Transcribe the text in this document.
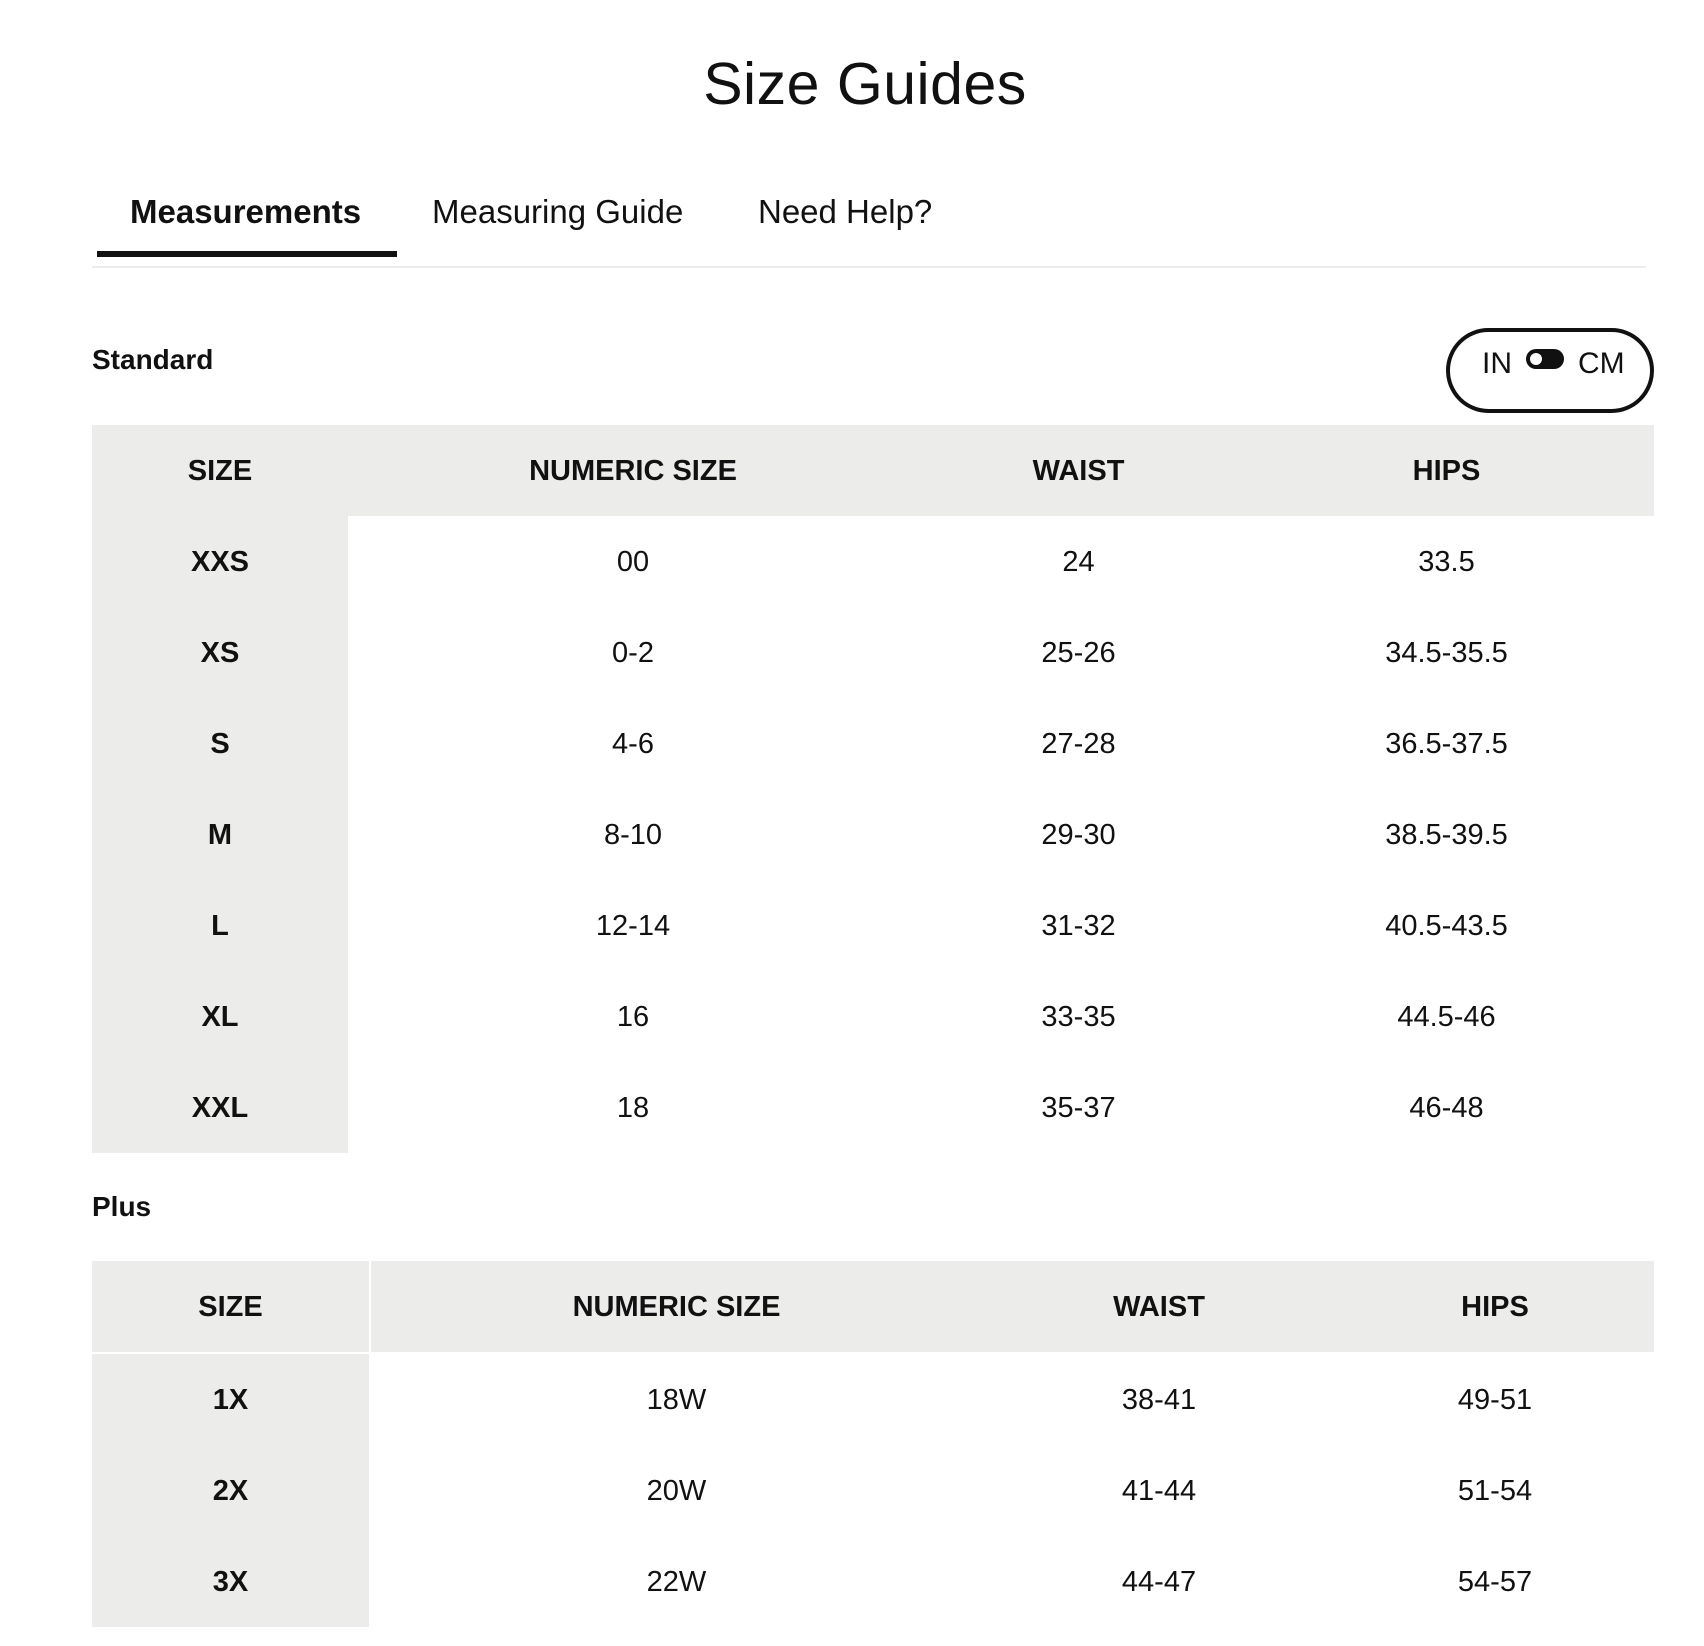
Size Guides
Measurements Measuring Guide Need Help?
Standard	IN CM
SIZE	NUMERIC SIZE	WAIST	HIPS
XXS	00	24	33.5
XS	0-2	25-26	34.5-35.5
S	4-6	27-28	36.5-37.5
M	8-10	29-30	38.5-39.5
L	12-14	31-32	40.5-43.5
XL	16	33-35	44.5-46
XXL	18	35-37	46-48
Plus
SIZE	NUMERIC SIZE	WAIST	HIPS
1X	18W	38-41	49-51
2X	20W	41-44	51-54
3X	22W	44-47	54-57
